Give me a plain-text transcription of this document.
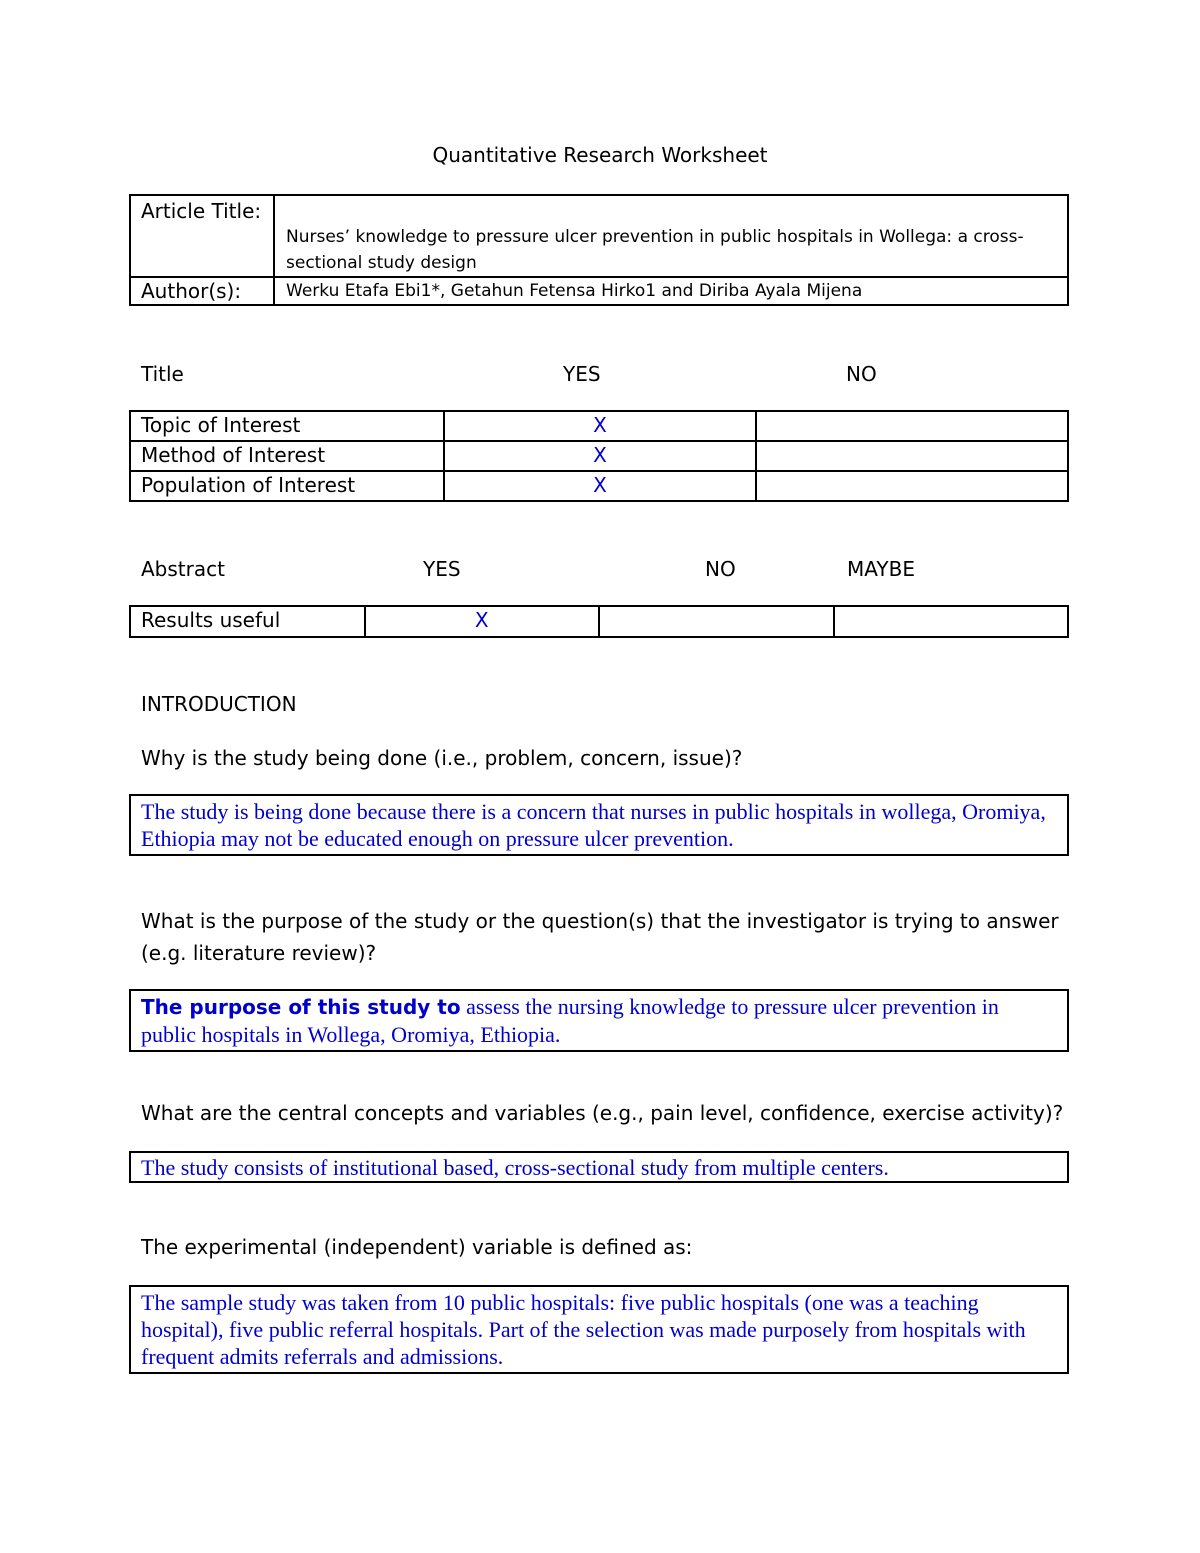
Quantitative Research Worksheet
Article Title:	Nurses’ knowledge to pressure ulcer prevention in public hospitals in Wollega: a cross-sectional study design
Author(s):	Werku Etafa Ebi1*, Getahun Fetensa Hirko1 and Diriba Ayala Mijena
Title	YES	NO
Topic of Interest	X	
Method of Interest	X	
Population of Interest	X	
Abstract	YES	NO	MAYBE
Results useful	X		
INTRODUCTION
Why is the study being done (i.e., problem, concern, issue)?
The study is being done because there is a concern that nurses in public hospitals in wollega, Oromiya, Ethiopia may not be educated enough on pressure ulcer prevention.
What is the purpose of the study or the question(s) that the investigator is trying to answer (e.g. literature review)?
The purpose of this study to assess the nursing knowledge to pressure ulcer prevention in public hospitals in Wollega, Oromiya, Ethiopia.
What are the central concepts and variables (e.g., pain level, confidence, exercise activity)?
The study consists of institutional based, cross-sectional study from multiple centers.
The experimental (independent) variable is defined as:
The sample study was taken from 10 public hospitals: five public hospitals (one was a teaching hospital), five public referral hospitals. Part of the selection was made purposely from hospitals with frequent admits referrals and admissions.
